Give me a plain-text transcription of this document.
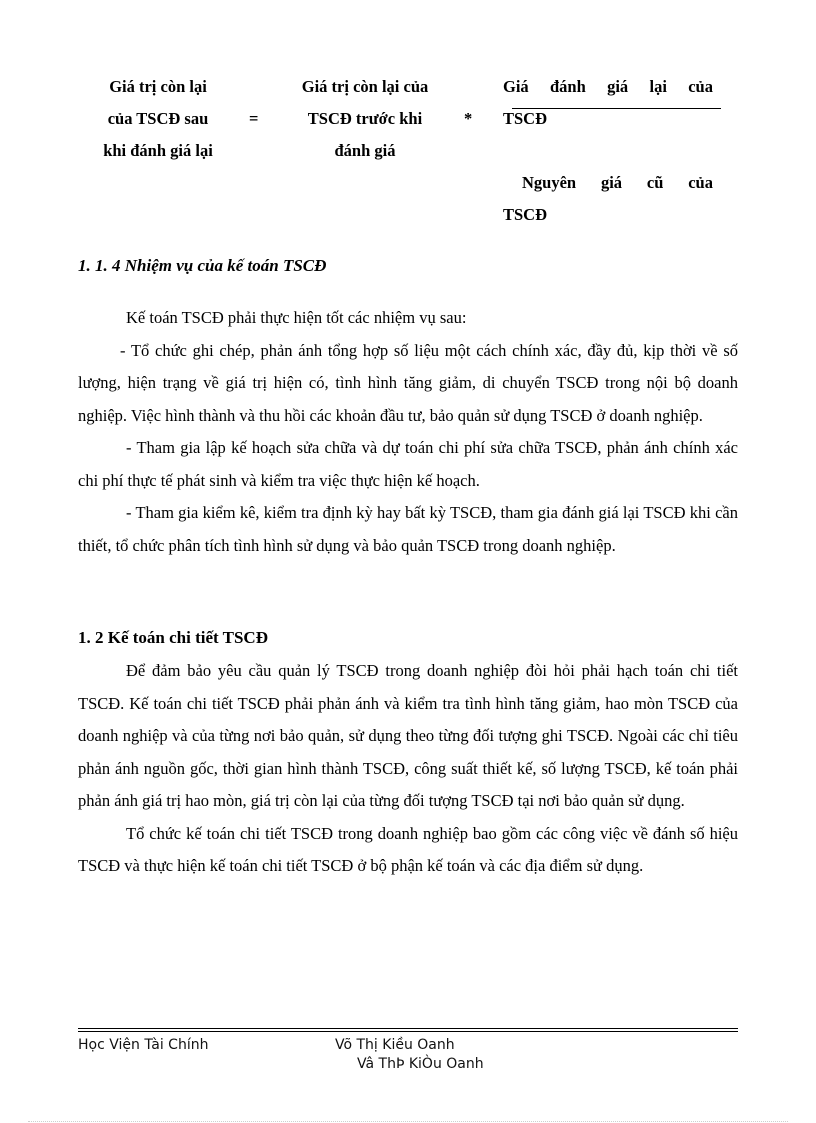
Giá trị còn lại
của TSCĐ sau
khi đánh giá lại
=
Giá trị còn lại của
TSCĐ trước khi
đánh giá
*
Giá đánh giá lại của
TSCĐ
Nguyên giá cũ của
TSCĐ
1. 1. 4 Nhiệm vụ của kế toán TSCĐ

Kế toán TSCĐ phải thực hiện tốt các nhiệm vụ sau:

- Tổ chức ghi chép, phản ánh tổng hợp số liệu một cách chính xác, đầy đủ, kịp thời về số lượng, hiện trạng về giá trị hiện có, tình hình tăng giảm, di chuyển TSCĐ trong nội bộ doanh nghiệp. Việc hình thành và thu hồi các khoản đầu tư, bảo quản sử dụng TSCĐ ở doanh nghiệp.

- Tham gia lập kế hoạch sửa chữa và dự toán chi phí sửa chữa TSCĐ, phản ánh chính xác chi phí thực tế phát sinh và kiểm tra việc thực hiện kế hoạch.

- Tham gia kiểm kê, kiểm tra định kỳ hay bất kỳ TSCĐ, tham gia đánh giá lại TSCĐ khi cần thiết, tổ chức phân tích tình hình sử dụng và bảo quản TSCĐ trong doanh nghiệp.

1. 2 Kế toán chi tiết TSCĐ

Để đảm bảo yêu cầu quản lý TSCĐ trong doanh nghiệp đòi hỏi phải hạch toán chi tiết TSCĐ. Kế toán chi tiết TSCĐ phải phản ánh và kiểm tra tình hình tăng giảm, hao mòn TSCĐ của doanh nghiệp và của từng nơi bảo quản, sử dụng theo từng đối tượng ghi TSCĐ. Ngoài các chỉ tiêu phản ánh nguồn gốc, thời gian hình thành TSCĐ, công suất thiết kế, số lượng TSCĐ, kế toán phải phản ánh giá trị hao mòn, giá trị còn lại của từng đối tượng TSCĐ tại nơi bảo quản sử dụng.

Tổ chức kế toán chi tiết TSCĐ trong doanh nghiệp bao gồm các công việc về đánh số hiệu TSCĐ và thực hiện kế toán chi tiết TSCĐ ở bộ phận kế toán và các địa điểm sử dụng.

Học Viện Tài Chính	Võ Thị Kiều Oanh
Vâ ThÞ KiÒu Oanh
